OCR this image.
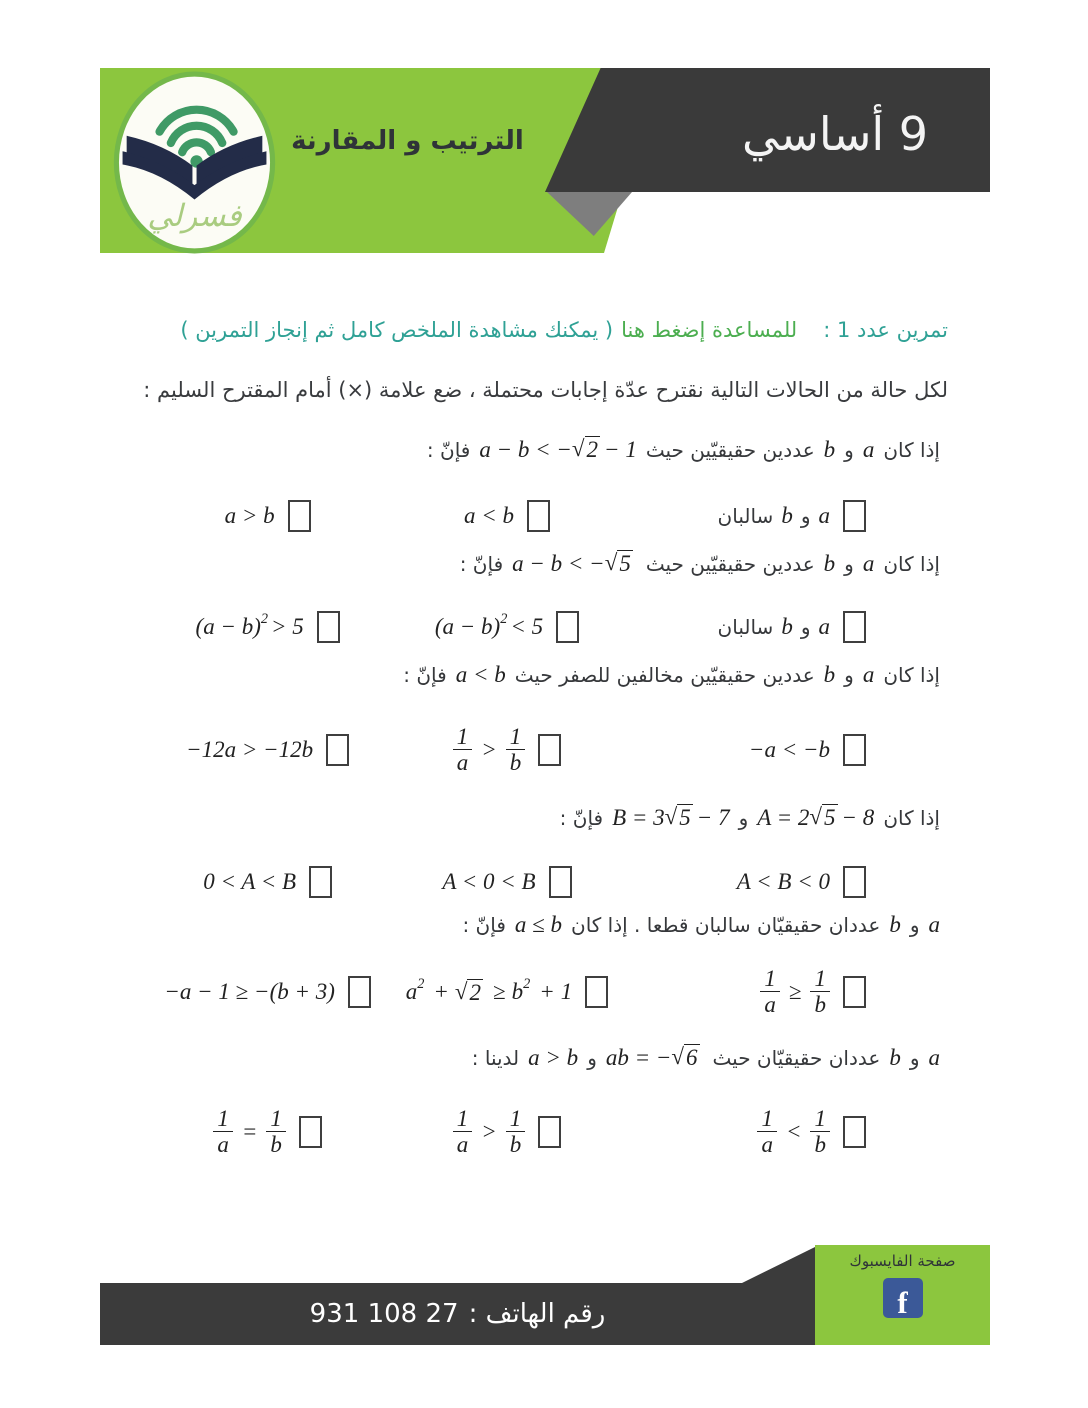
فسرلي
الترتيب و المقارنة	9 أساسي
تمرين عدد 1 :
للمساعدة إضغط هنا
( يمكنك مشاهدة الملخص كامل ثم إنجاز التمرين )
لكل حالة من الحالات التالية نقترح عدّة إجابات محتملة ، ضع علامة (×) أمام المقترح السليم :
إذا كان
a
و
b
عددين حقيقيّين حيث
a − b < − √ 2 − 1
فإنّ :
a > b	a < b	a
و
b
سالبان
إذا كان
a
و
b
عددين حقيقيّين حيث
a − b < − √ 5
فإنّ :
$(a - b)^2 > 5$	$(a - b)^2 < 5$	a
و
b
سالبان
إذا كان
a
و
b
عددين حقيقيّين مخالفين للصفر حيث
a < b
فإنّ :
−12a > −12b	$\frac{1}{a} > \frac{1}{b}$	−a < −b
إذا كان
A = 2 √ 5 − 8
و
B = 3 √ 5 − 7
فإنّ :
0 < A < B	A < 0 < B	A < B < 0
a
و
b
عددان حقيقيّان سالبان قطعا . إذا كان
a ≤ b
فإنّ :
−a − 1 ≥ −(b + 3)	$a^2$ + √ $2 \ge b^2 + 1$	$\frac{1}{a} \ge \frac{1}{b}$
a
و
b
عددان حقيقيّان حيث
ab = − √ 6
و
a > b
لدينا :
$\frac{1}{a} = \frac{1}{b}$	$\frac{1}{a} > \frac{1}{b}$	$\frac{1}{a} < \frac{1}{b}$
رقم الهاتف :
27 108 931
صفحة الفايسبوك
f
